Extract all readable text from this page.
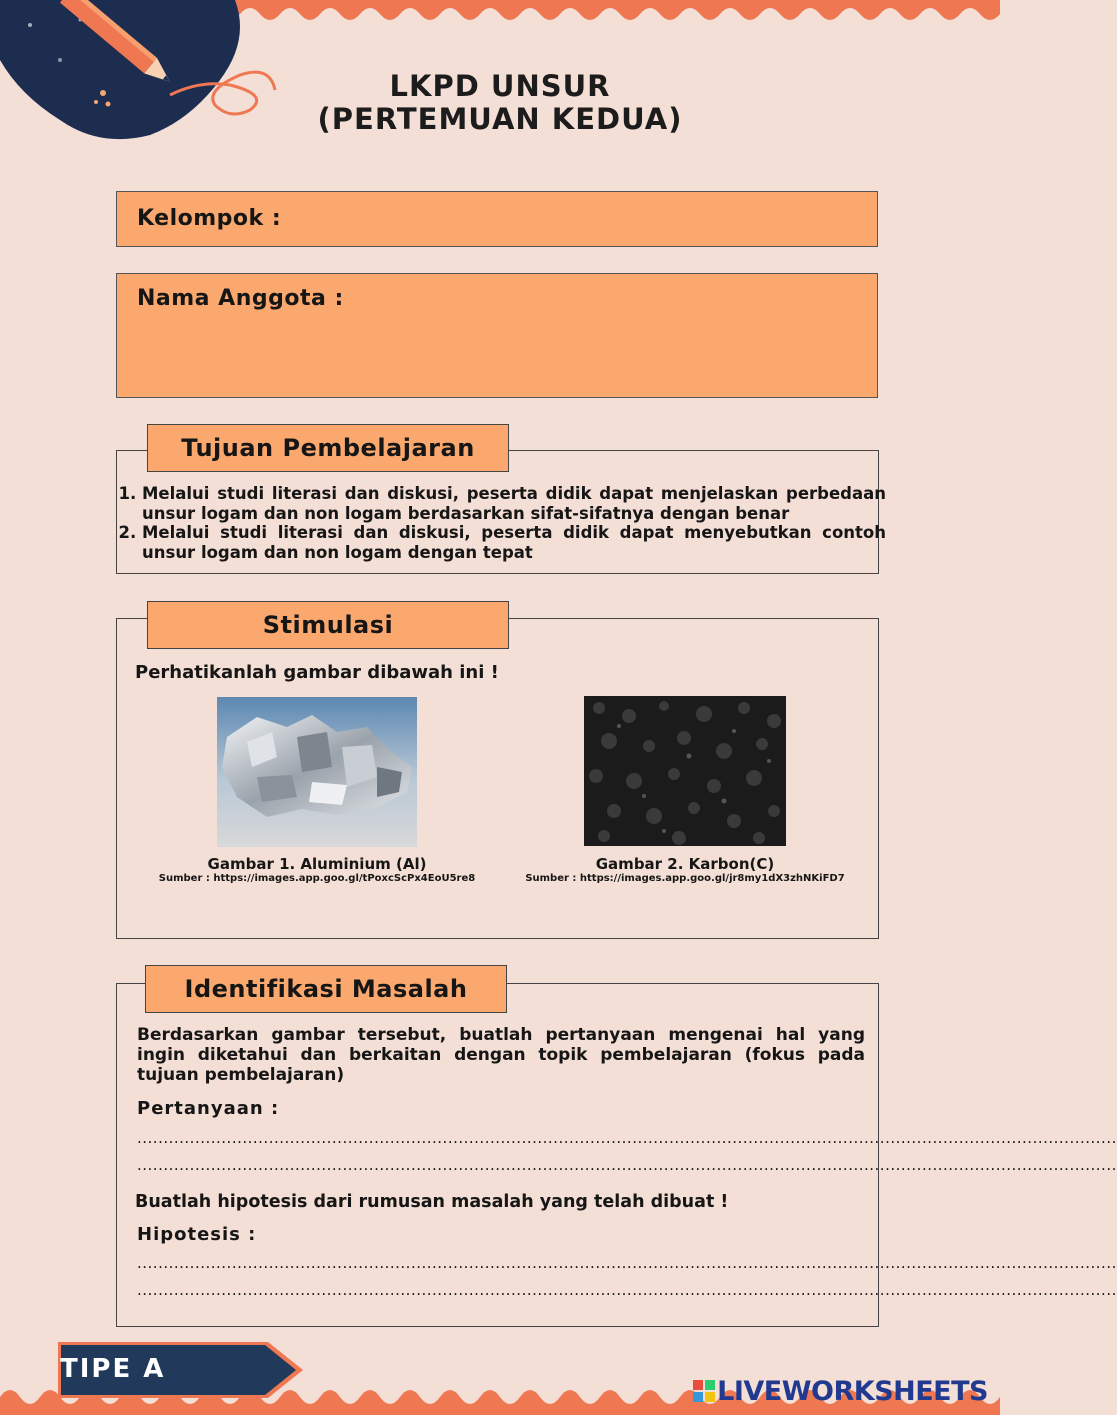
LKPD UNSUR
(PERTEMUAN KEDUA)
Kelompok :
Nama Anggota :
1. Melalui studi literasi dan diskusi, peserta didik dapat menjelaskan perbedaan unsur logam dan non logam berdasarkan sifat-sifatnya dengan benar
2. Melalui studi literasi dan diskusi, peserta didik dapat menyebutkan contoh unsur logam dan non logam dengan tepat
Tujuan Pembelajaran
Perhatikanlah gambar dibawah ini !
Gambar 1. Aluminium (Al)
Sumber : https://images.app.goo.gl/tPoxcScPx4EoU5re8
Gambar 2. Karbon(C)
Sumber : https://images.app.goo.gl/jr8my1dX3zhNKiFD7
Stimulasi
Berdasarkan gambar tersebut, buatlah pertanyaan mengenai hal yang ingin diketahui dan berkaitan dengan topik pembelajaran (fokus pada tujuan pembelajaran)
Pertanyaan :
..........................................................................................................................................................................................
..........................................................................................................................................................................................
Buatlah hipotesis dari rumusan masalah yang telah dibuat !
Hipotesis :
..........................................................................................................................................................................................
..........................................................................................................................................................................................
Identifikasi Masalah
TIPE A
LIVEWORKSHEETS
